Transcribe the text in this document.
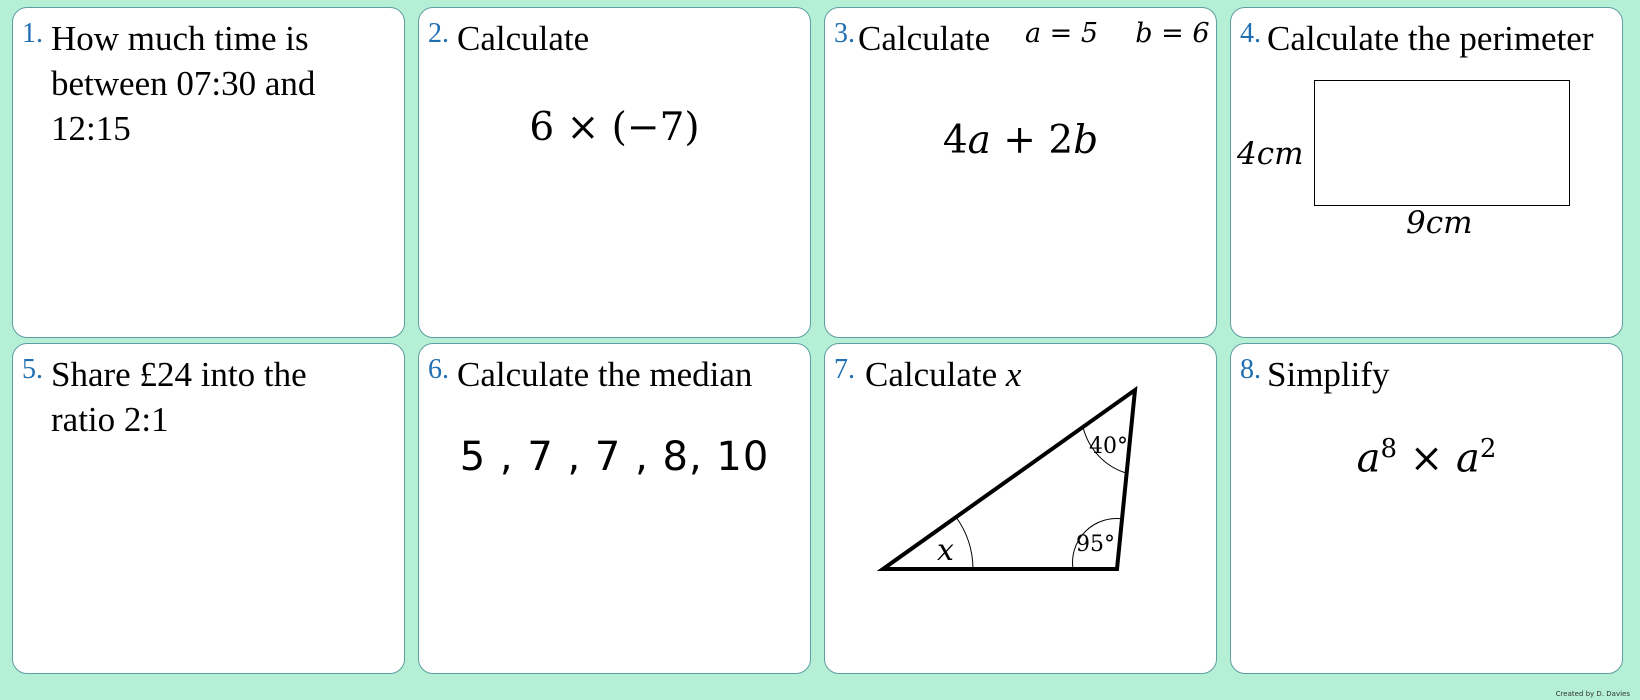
1. How much time is between 07:30 and 12:15
2. Calculate
6 × (−7)
3. Calculate	a = 5 b = 6
4a + 2b
4. Calculate the perimeter
4cm
9cm
5. Share £24 into the ratio 2:1
6. Calculate the median
5 , 7 , 7 , 8, 10
7. Calculate x
40°
95°
x
8. Simplify
$a^8 \times a^2$
Created by D. Davies
